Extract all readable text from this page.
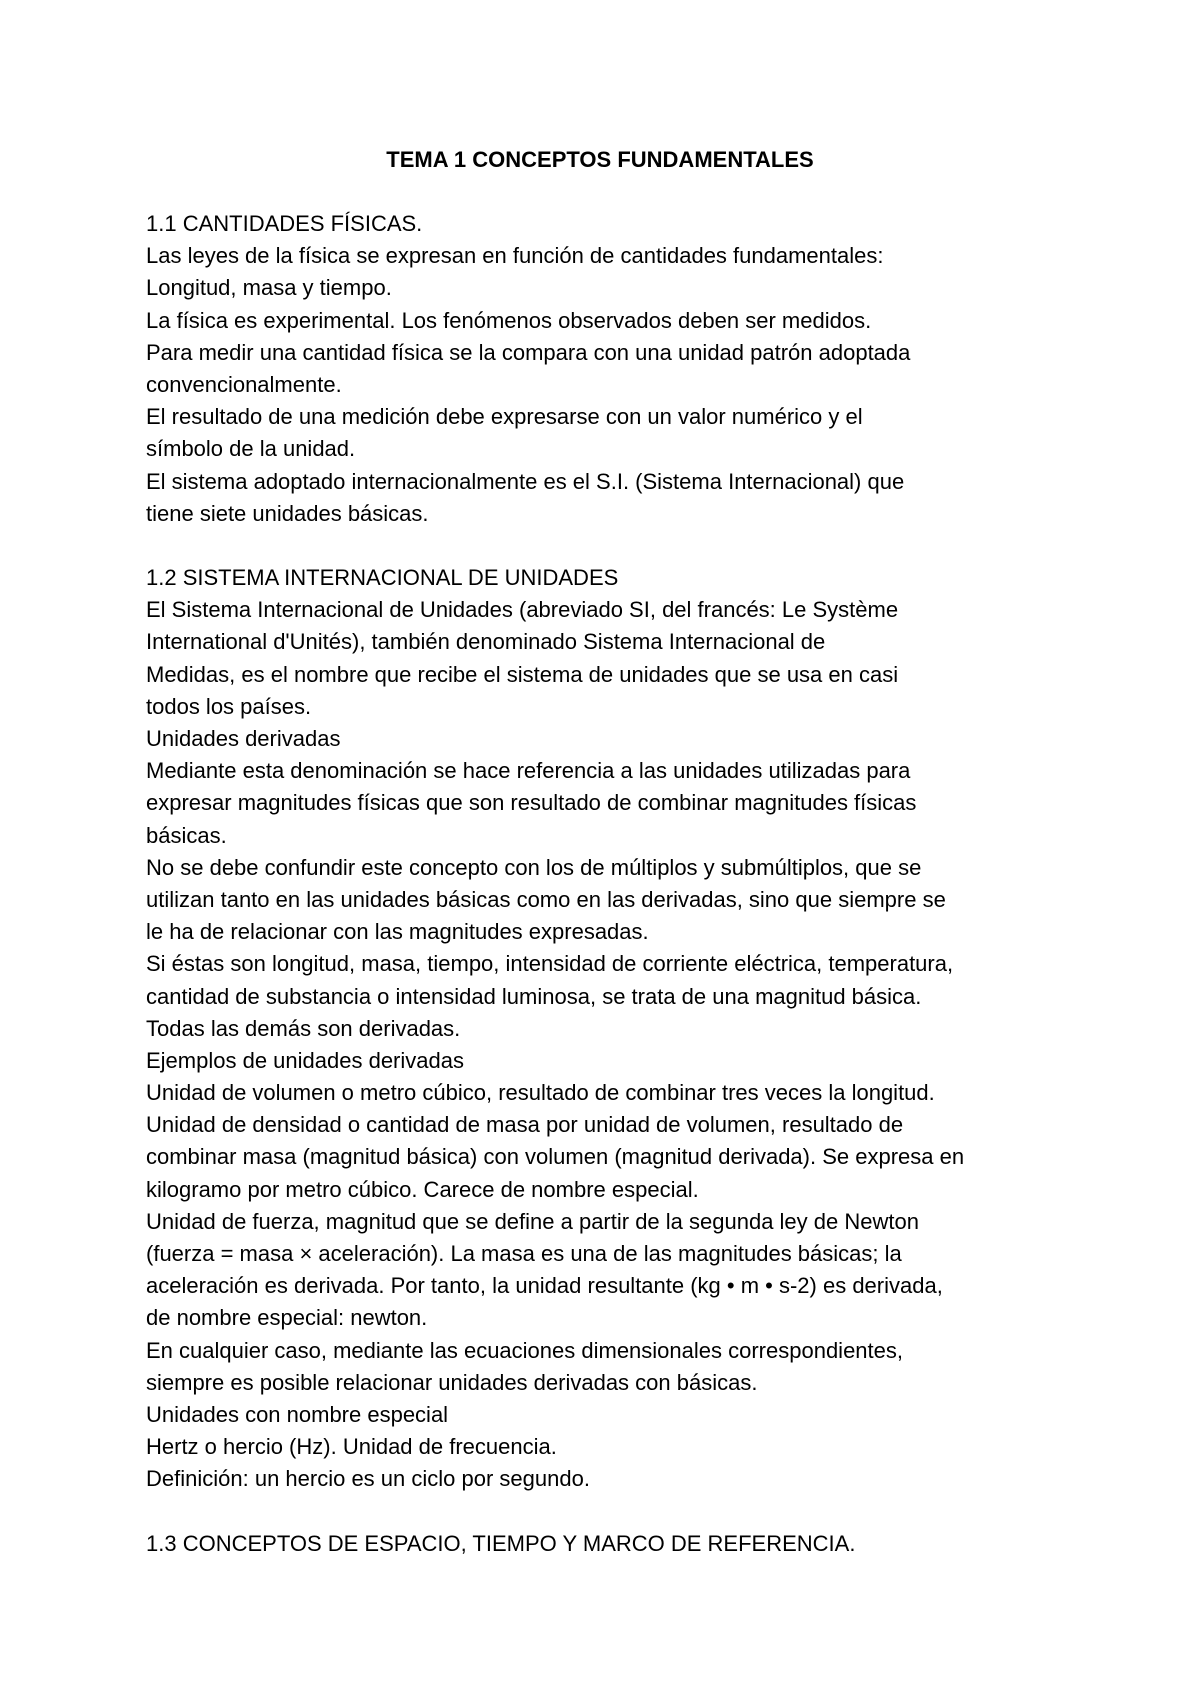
TEMA 1 CONCEPTOS FUNDAMENTALES
1.1 CANTIDADES FÍSICAS.
Las leyes de la física se expresan en función de cantidades fundamentales:
Longitud, masa y tiempo.
La física es experimental. Los fenómenos observados deben ser medidos.
Para medir una cantidad física se la compara con una unidad patrón adoptada
convencionalmente.
El resultado de una medición debe expresarse con un valor numérico y el
símbolo de la unidad.
El sistema adoptado internacionalmente es el S.I. (Sistema Internacional) que
tiene siete unidades básicas.
1.2 SISTEMA INTERNACIONAL DE UNIDADES
El Sistema Internacional de Unidades (abreviado SI, del francés: Le Système
International d'Unités), también denominado Sistema Internacional de
Medidas, es el nombre que recibe el sistema de unidades que se usa en casi
todos los países.
Unidades derivadas
Mediante esta denominación se hace referencia a las unidades utilizadas para
expresar magnitudes físicas que son resultado de combinar magnitudes físicas
básicas.
No se debe confundir este concepto con los de múltiplos y submúltiplos, que se
utilizan tanto en las unidades básicas como en las derivadas, sino que siempre se
le ha de relacionar con las magnitudes expresadas.
Si éstas son longitud, masa, tiempo, intensidad de corriente eléctrica, temperatura,
cantidad de substancia o intensidad luminosa, se trata de una magnitud básica.
Todas las demás son derivadas.
Ejemplos de unidades derivadas
Unidad de volumen o metro cúbico, resultado de combinar tres veces la longitud.
Unidad de densidad o cantidad de masa por unidad de volumen, resultado de
combinar masa (magnitud básica) con volumen (magnitud derivada). Se expresa en
kilogramo por metro cúbico. Carece de nombre especial.
Unidad de fuerza, magnitud que se define a partir de la segunda ley de Newton
(fuerza = masa × aceleración). La masa es una de las magnitudes básicas; la
aceleración es derivada. Por tanto, la unidad resultante (kg • m • s-2) es derivada,
de nombre especial: newton.
En cualquier caso, mediante las ecuaciones dimensionales correspondientes,
siempre es posible relacionar unidades derivadas con básicas.
Unidades con nombre especial
Hertz o hercio (Hz). Unidad de frecuencia.
Definición: un hercio es un ciclo por segundo.
1.3 CONCEPTOS DE ESPACIO, TIEMPO Y MARCO DE REFERENCIA.
